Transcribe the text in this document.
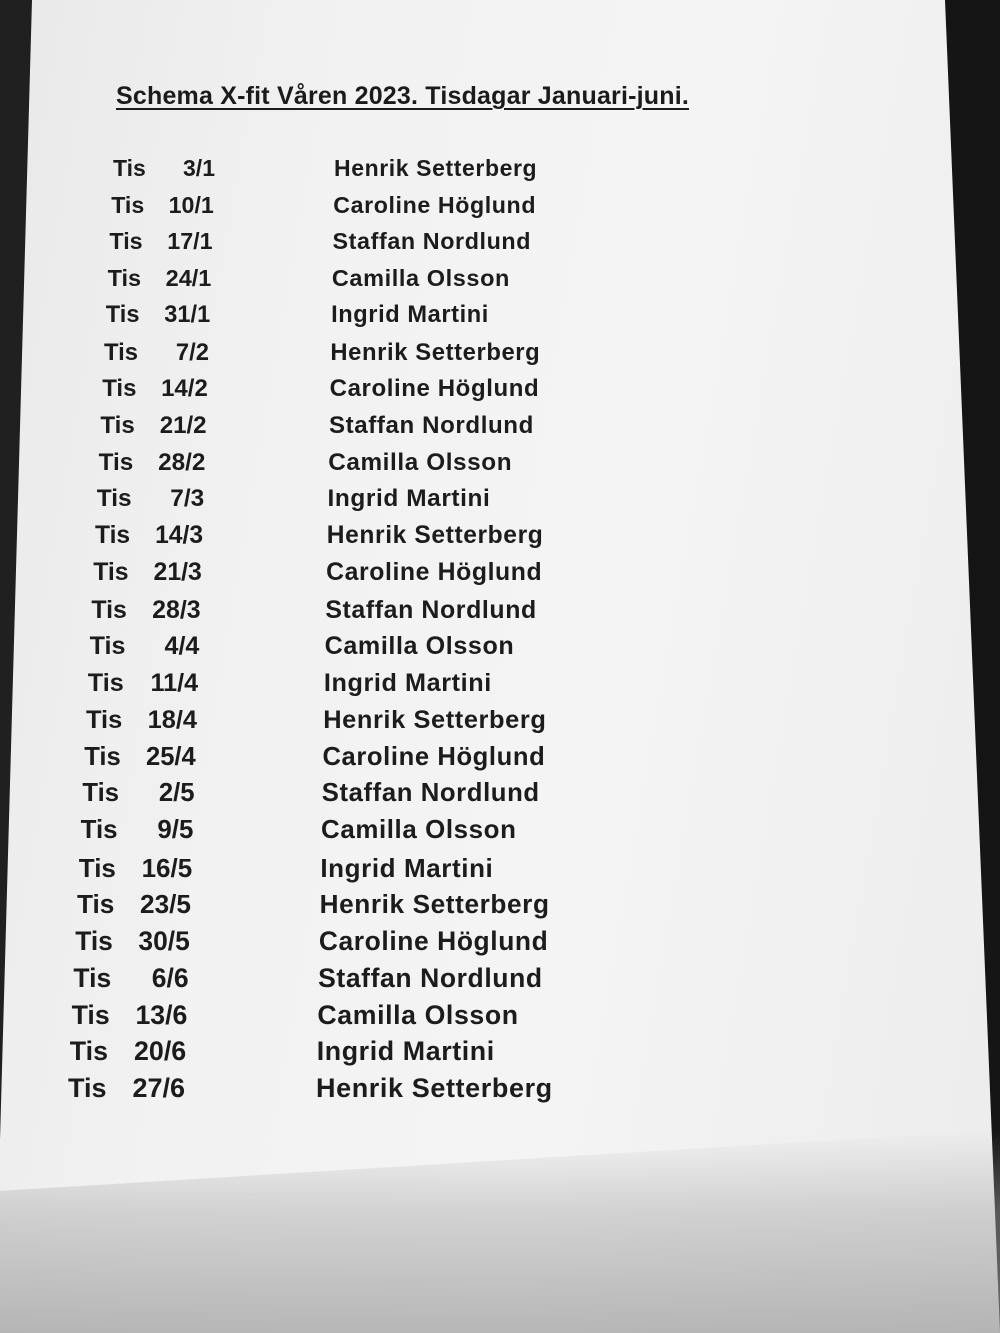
Schema X-fit Våren 2023. Tisdagar Januari-juni.
Tis 3/1	Henrik Setterberg
Tis 10/1	Caroline Höglund
Tis 17/1	Staffan Nordlund
Tis 24/1	Camilla Olsson
Tis 31/1	Ingrid Martini
Tis 7/2	Henrik Setterberg
Tis 14/2	Caroline Höglund
Tis 21/2	Staffan Nordlund
Tis 28/2	Camilla Olsson
Tis 7/3	Ingrid Martini
Tis 14/3	Henrik Setterberg
Tis 21/3	Caroline Höglund
Tis 28/3	Staffan Nordlund
Tis 4/4	Camilla Olsson
Tis 11/4	Ingrid Martini
Tis 18/4	Henrik Setterberg
Tis 25/4	Caroline Höglund
Tis 2/5	Staffan Nordlund
Tis 9/5	Camilla Olsson
Tis 16/5	Ingrid Martini
Tis 23/5	Henrik Setterberg
Tis 30/5	Caroline Höglund
Tis 6/6	Staffan Nordlund
Tis 13/6	Camilla Olsson
Tis 20/6	Ingrid Martini
Tis 27/6	Henrik Setterberg
